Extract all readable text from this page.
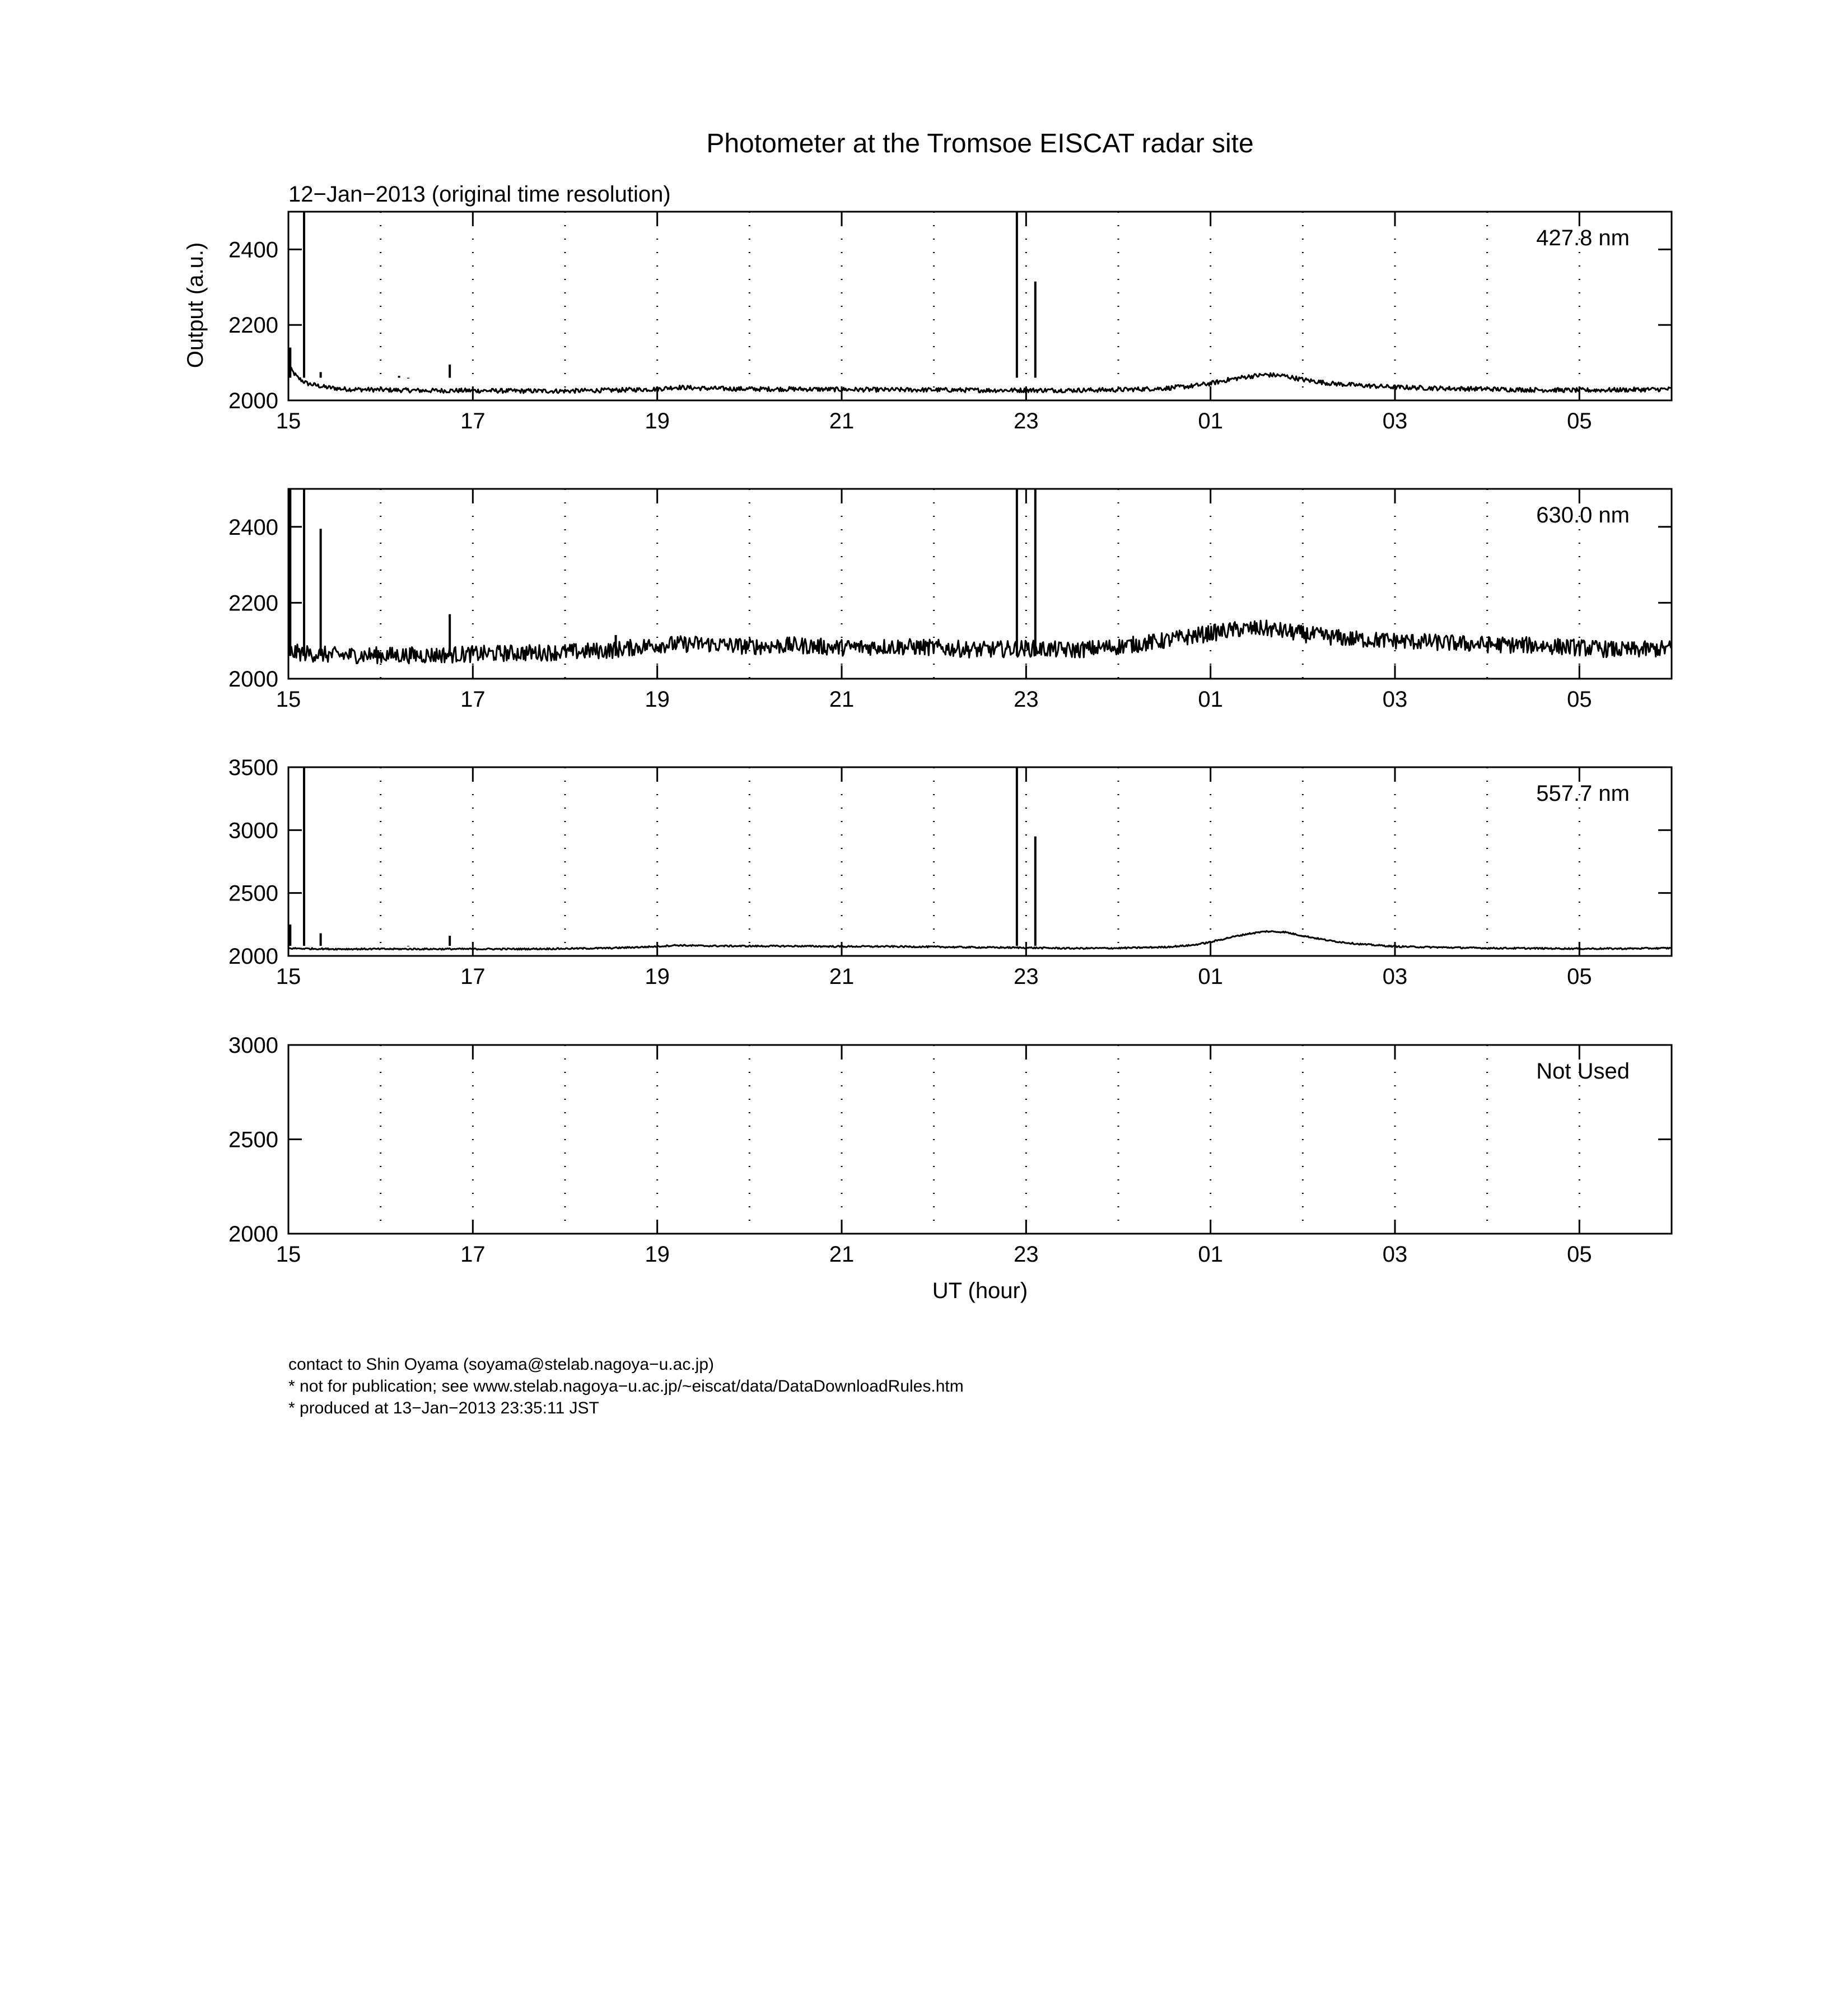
Photometer at the Tromsoe EISCAT radar site
12−Jan−2013 (original time resolution)
Output (a.u.)
UT (hour)
contact to Shin Oyama (soyama@stelab.nagoya−u.ac.jp)
* not for publication; see www.stelab.nagoya−u.ac.jp/~eiscat/data/DataDownloadRules.htm
* produced at 13−Jan−2013 23:35:11 JST
2000
2200
2400
15	17	19	21	23	01	03	05
427.8 nm
2000
2200
2400
15	17	19	21	23	01	03	05
630.0 nm
2000
2500
3000
3500
15	17	19	21	23	01	03	05
557.7 nm
2000
2500
3000
15	17	19	21	23	01	03	05
Not Used
